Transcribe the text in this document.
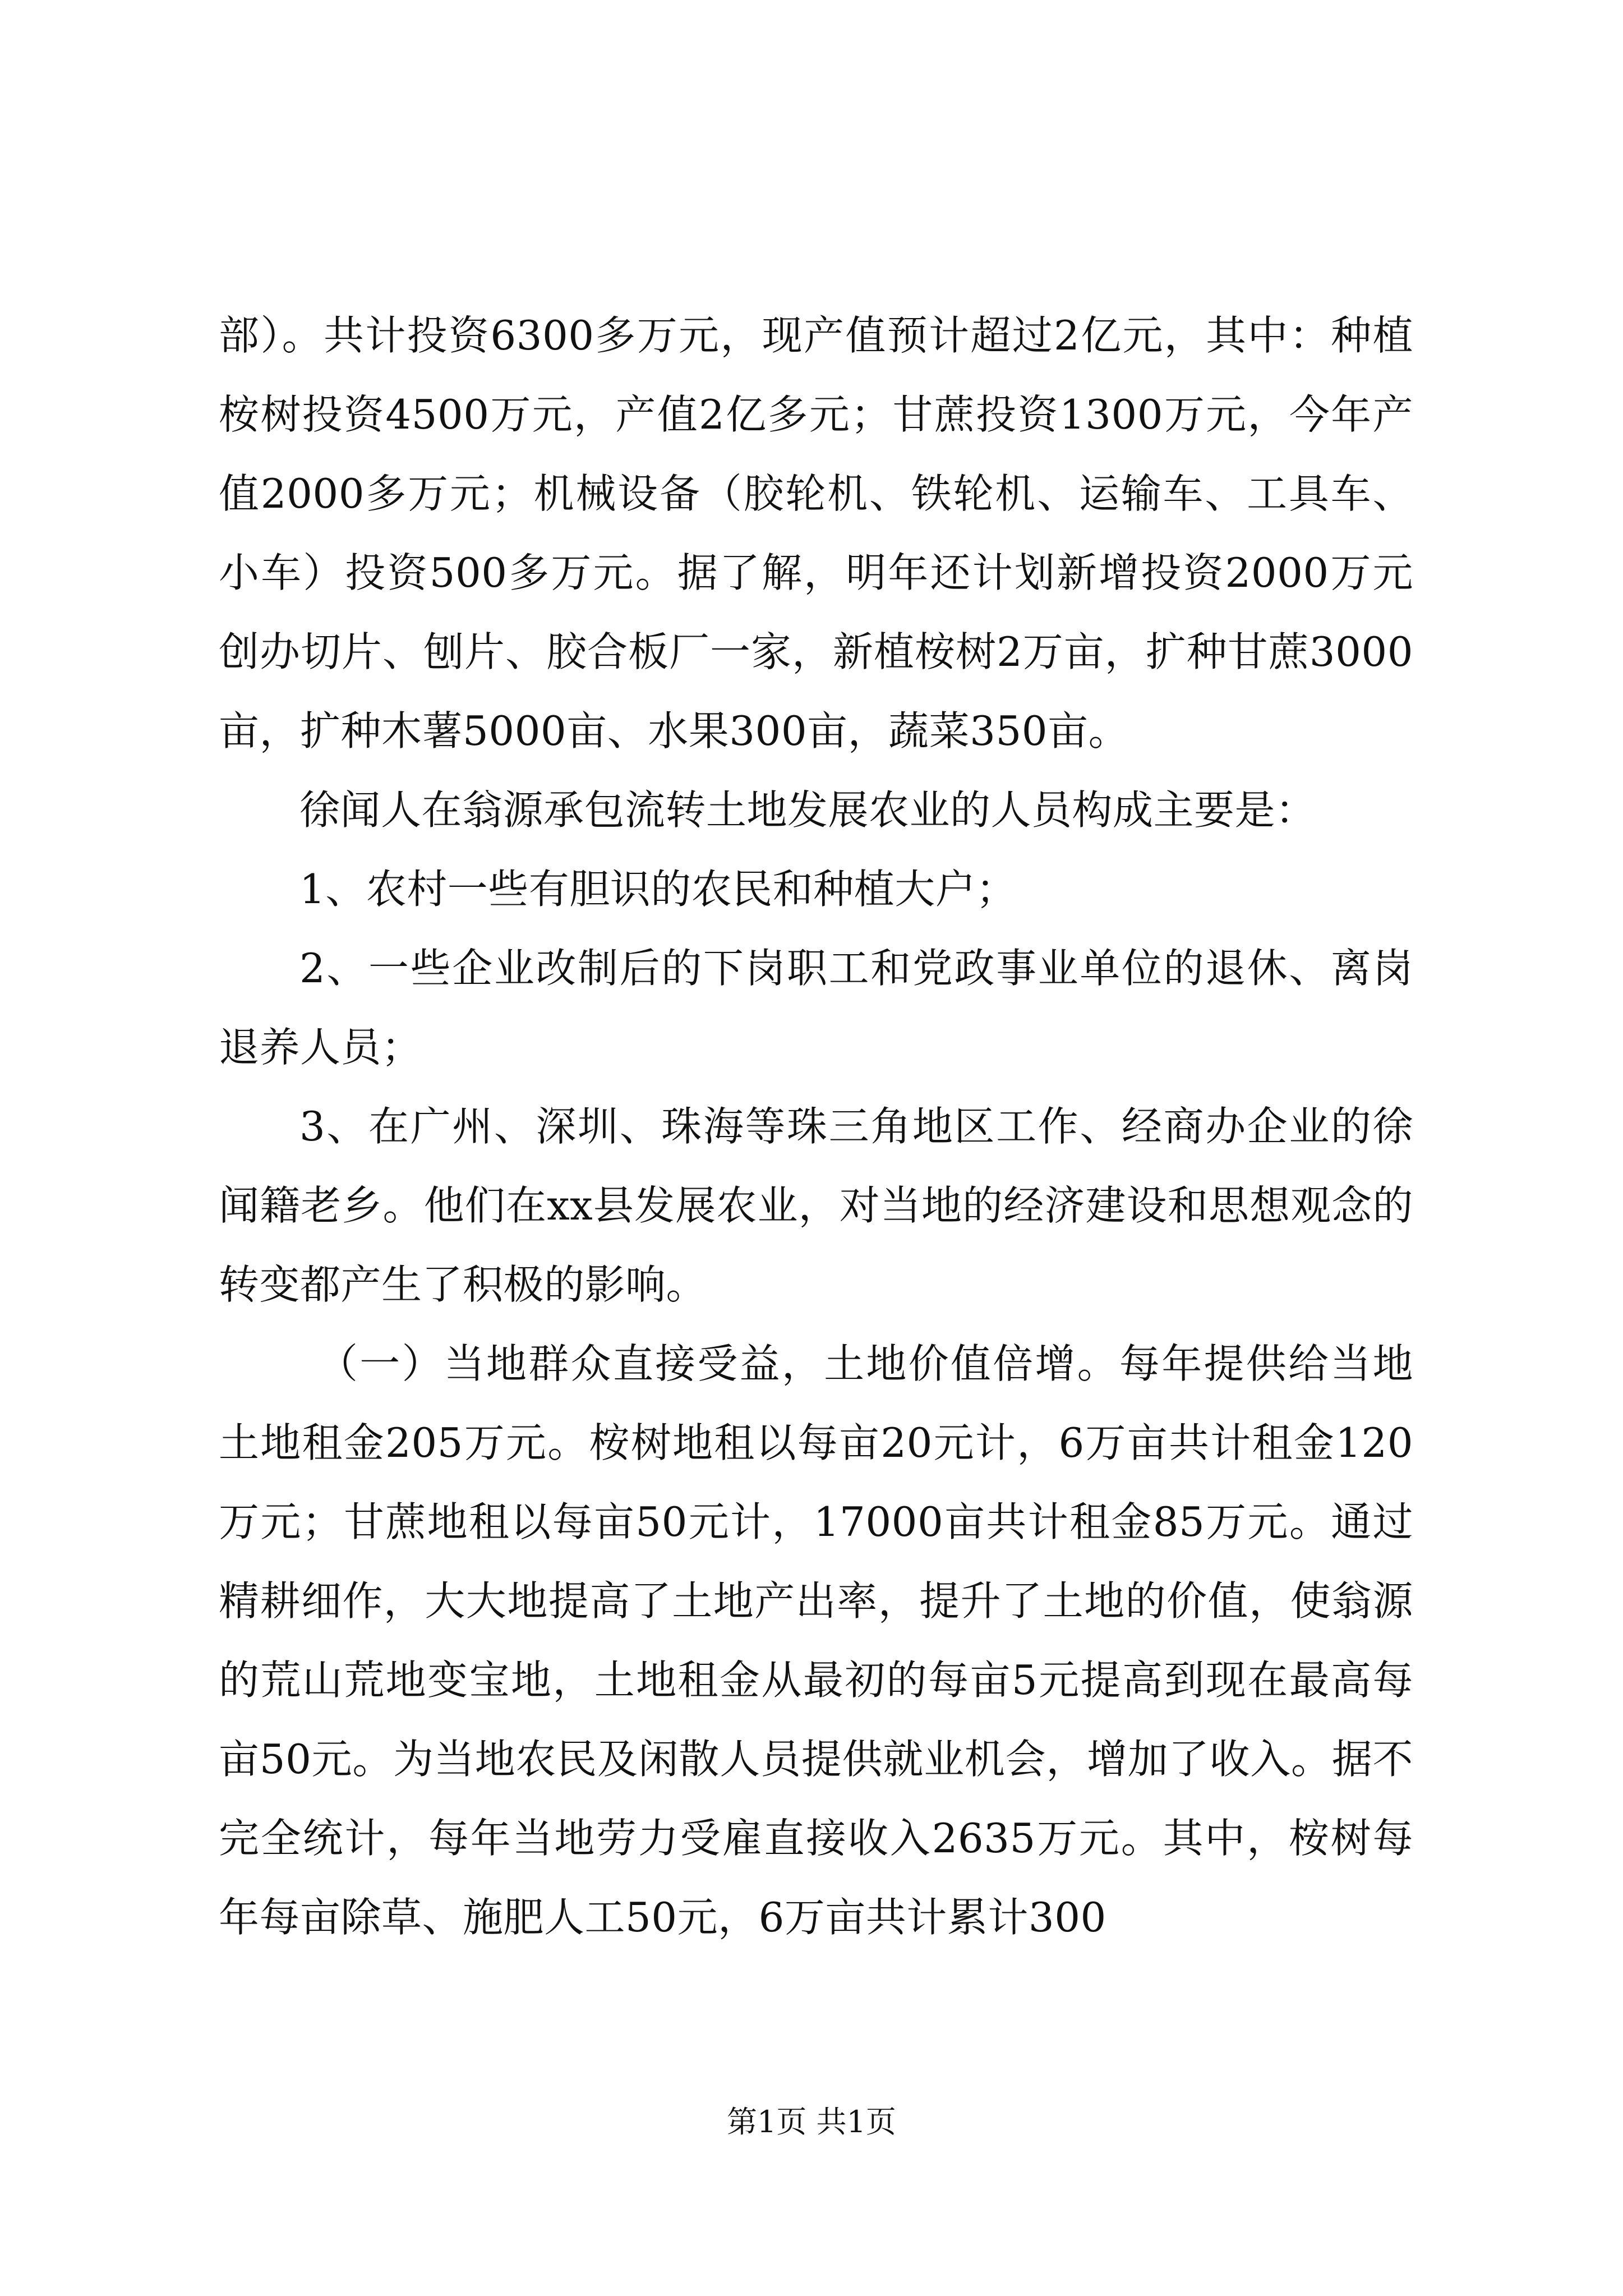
部）。共计投资6300多万元，现产值预计超过2亿元，其中：种植桉树投资4500万元，产值2亿多元；甘蔗投资1300万元，今年产值2000多万元；机械设备（胶轮机、铁轮机、运输车、工具车、小车）投资500多万元。据了解，明年还计划新增投资2000万元创办切片、刨片、胶合板厂一家，新植桉树2万亩，扩种甘蔗3000亩，扩种木薯5000亩、水果300亩，蔬菜350亩。

徐闻人在翁源承包流转土地发展农业的人员构成主要是：

1、农村一些有胆识的农民和种植大户；

2、一些企业改制后的下岗职工和党政事业单位的退休、离岗退养人员；

3、在广州、深圳、珠海等珠三角地区工作、经商办企业的徐闻籍老乡。他们在xx县发展农业，对当地的经济建设和思想观念的转变都产生了积极的影响。

（一）当地群众直接受益，土地价值倍增。每年提供给当地土地租金205万元。桉树地租以每亩20元计，6万亩共计租金120万元；甘蔗地租以每亩50元计，17000亩共计租金85万元。通过精耕细作，大大地提高了土地产出率，提升了土地的价值，使翁源的荒山荒地变宝地，土地租金从最初的每亩5元提高到现在最高每亩50元。为当地农民及闲散人员提供就业机会，增加了收入。据不完全统计，每年当地劳力受雇直接收入2635万元。其中，桉树每年每亩除草、施肥人工50元，6万亩共计累计300

第1页 共1页
